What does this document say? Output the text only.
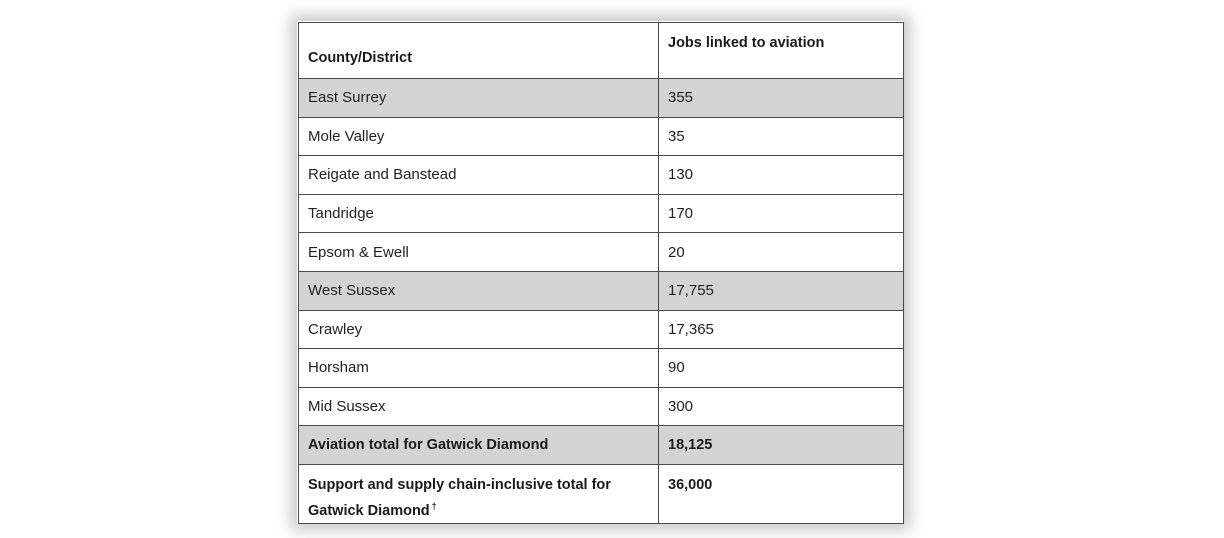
County/District	Jobs linked to aviation
East Surrey	355
Mole Valley	35
Reigate and Banstead	130
Tandridge	170
Epsom & Ewell	20
West Sussex	17,755
Crawley	17,365
Horsham	90
Mid Sussex	300
Aviation total for Gatwick Diamond	18,125
Support and supply chain-inclusive total for Gatwick Diamond †	36,000
